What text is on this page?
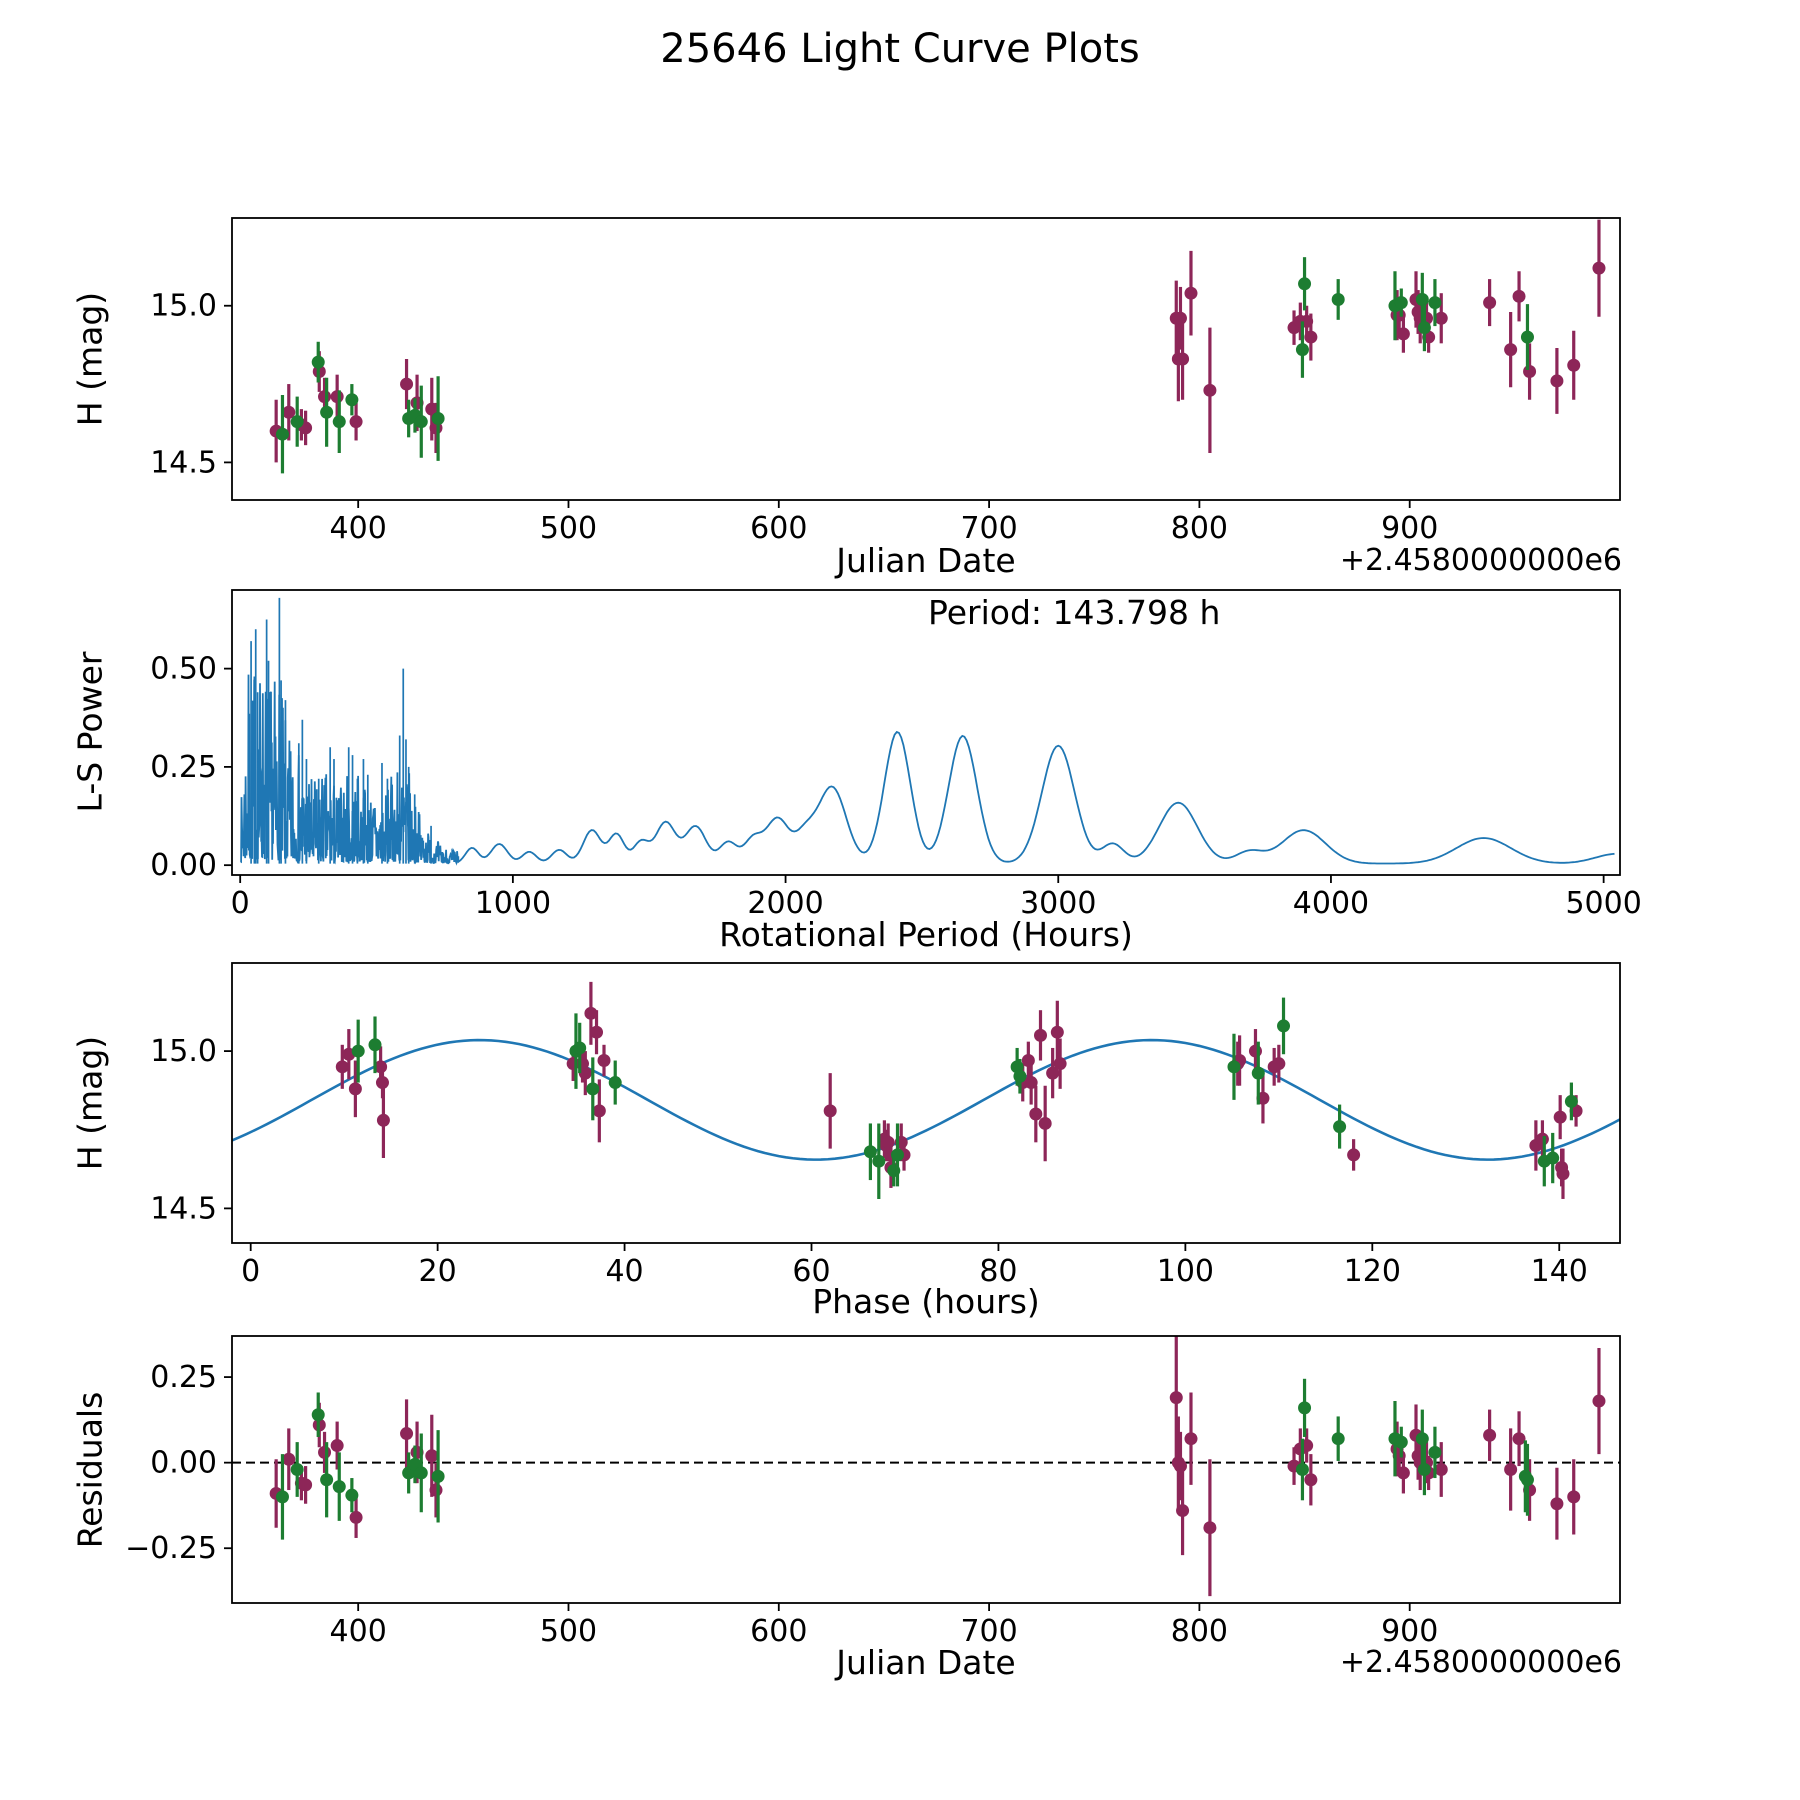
25646 Light Curve Plots
400	500	600	700	800	900
14.5
15.0
H (mag)
Julian Date	+2.4580000000e6
0	1000	2000	3000	4000	5000
0.00
0.25
0.50
L-S Power
Period: 143.798 h
Rotational Period (Hours)
0	20	40	60	80	100	120	140
14.5
15.0
H (mag)
Phase (hours)
400	500	600	700	800	900
−0.25
0.00
0.25
Residuals
Julian Date	+2.4580000000e6
